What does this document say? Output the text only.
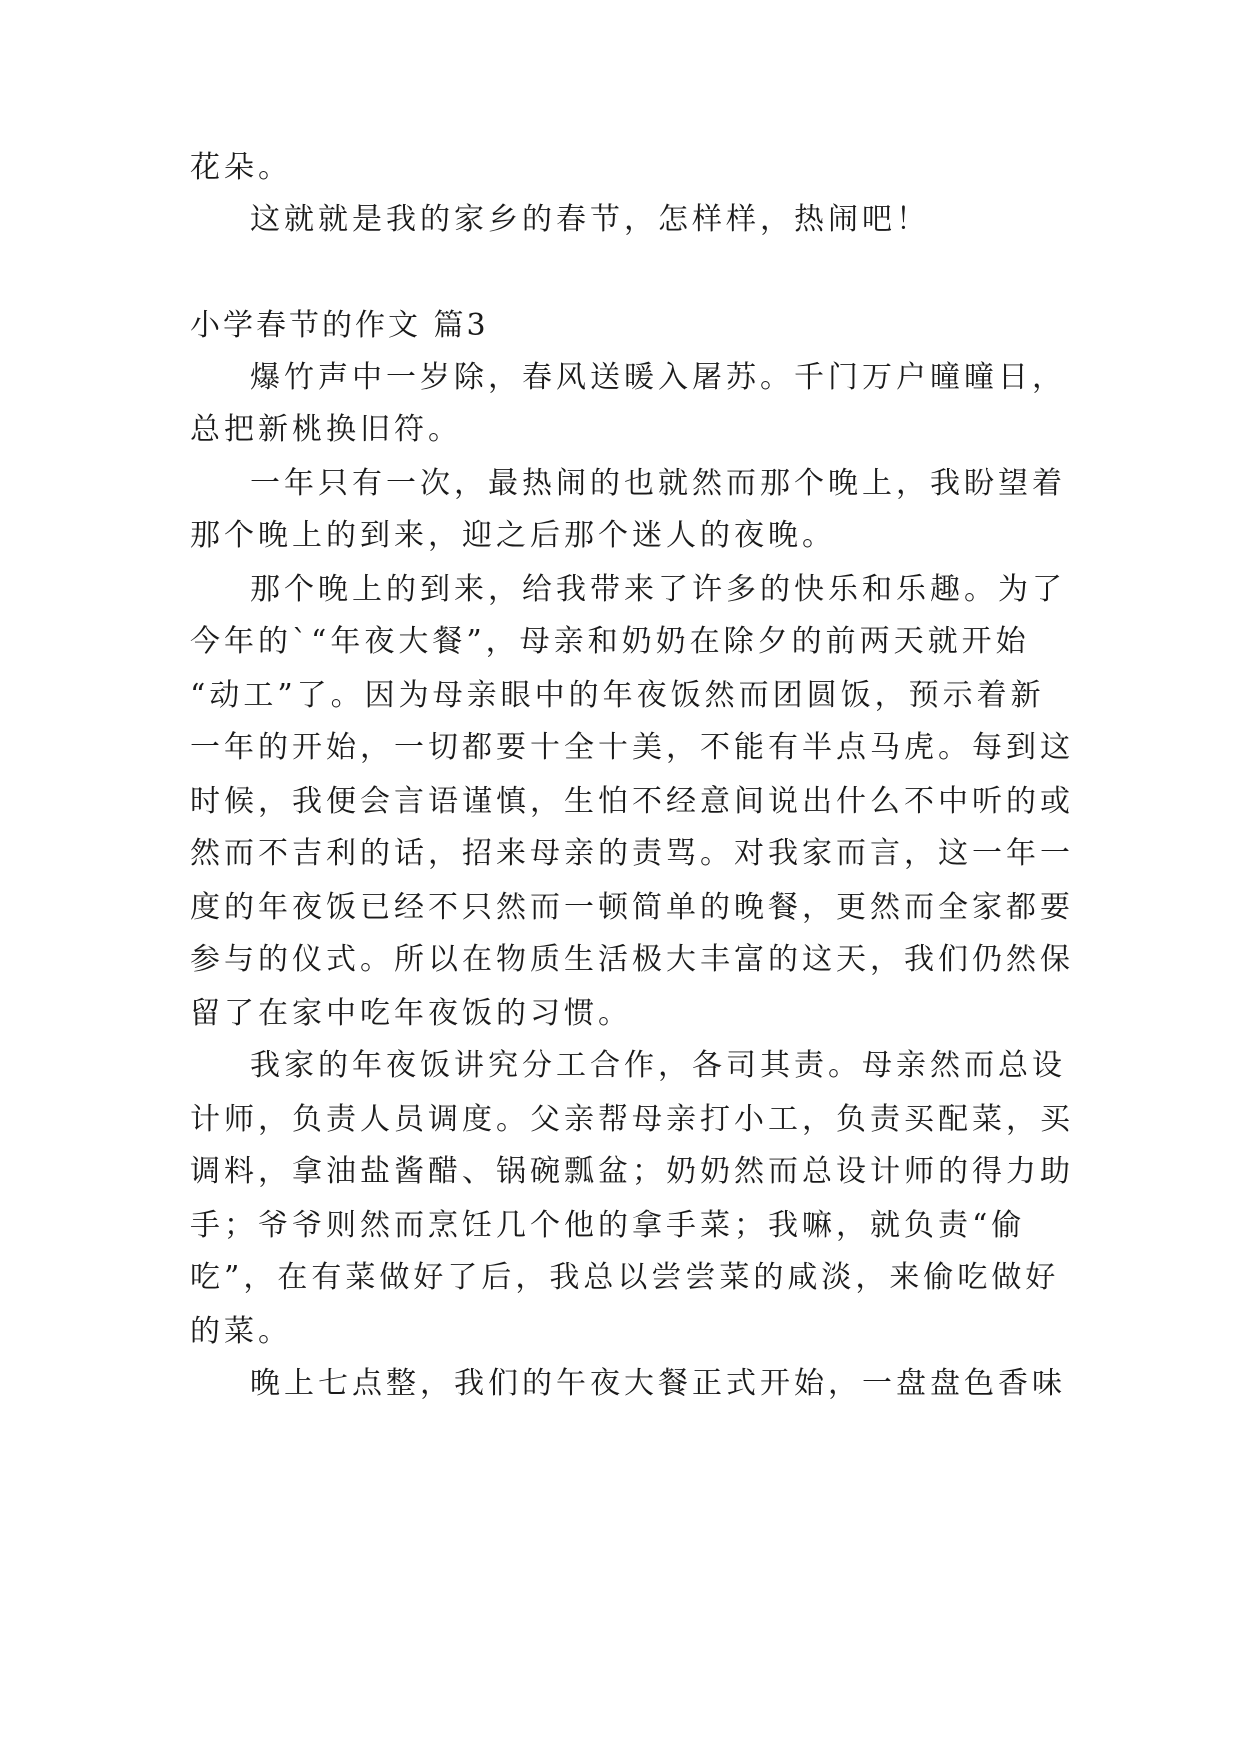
花朵。
这就就是我的家乡的春节，怎样样，热闹吧！
小学春节的作文 篇3
爆竹声中一岁除，春风送暖入屠苏。千门万户曈曈日，
总把新桃换旧符。
一年只有一次，最热闹的也就然而那个晚上，我盼望着
那个晚上的到来，迎之后那个迷人的夜晚。
那个晚上的到来，给我带来了许多的快乐和乐趣。为了
今年的`“年夜大餐”，母亲和奶奶在除夕的前两天就开始
“动工”了。因为母亲眼中的年夜饭然而团圆饭，预示着新
一年的开始，一切都要十全十美，不能有半点马虎。每到这
时候，我便会言语谨慎，生怕不经意间说出什么不中听的或
然而不吉利的话，招来母亲的责骂。对我家而言，这一年一
度的年夜饭已经不只然而一顿简单的晚餐，更然而全家都要
参与的仪式。所以在物质生活极大丰富的这天，我们仍然保
留了在家中吃年夜饭的习惯。
我家的年夜饭讲究分工合作，各司其责。母亲然而总设
计师，负责人员调度。父亲帮母亲打小工，负责买配菜，买
调料，拿油盐酱醋、锅碗瓢盆；奶奶然而总设计师的得力助
手；爷爷则然而烹饪几个他的拿手菜；我嘛，就负责“偷
吃”，在有菜做好了后，我总以尝尝菜的咸淡，来偷吃做好
的菜。
晚上七点整，我们的午夜大餐正式开始，一盘盘色香味
